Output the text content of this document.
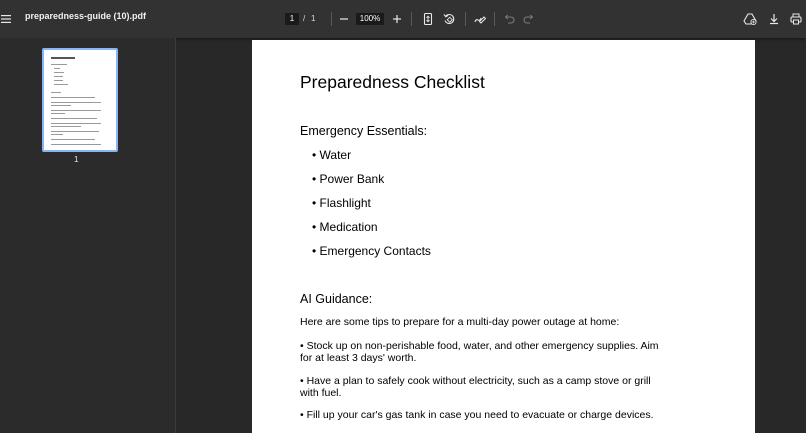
preparedness-guide (10).pdf	1	/ 1	100%
1
Preparedness Checklist
Emergency Essentials:
• Water
• Power Bank
• Flashlight
• Medication
• Emergency Contacts
AI Guidance:
Here are some tips to prepare for a multi-day power outage at home:
• Stock up on non-perishable food, water, and other emergency supplies. Aim for at least 3 days' worth.
• Have a plan to safely cook without electricity, such as a camp stove or grill with fuel.
• Fill up your car's gas tank in case you need to evacuate or charge devices.
